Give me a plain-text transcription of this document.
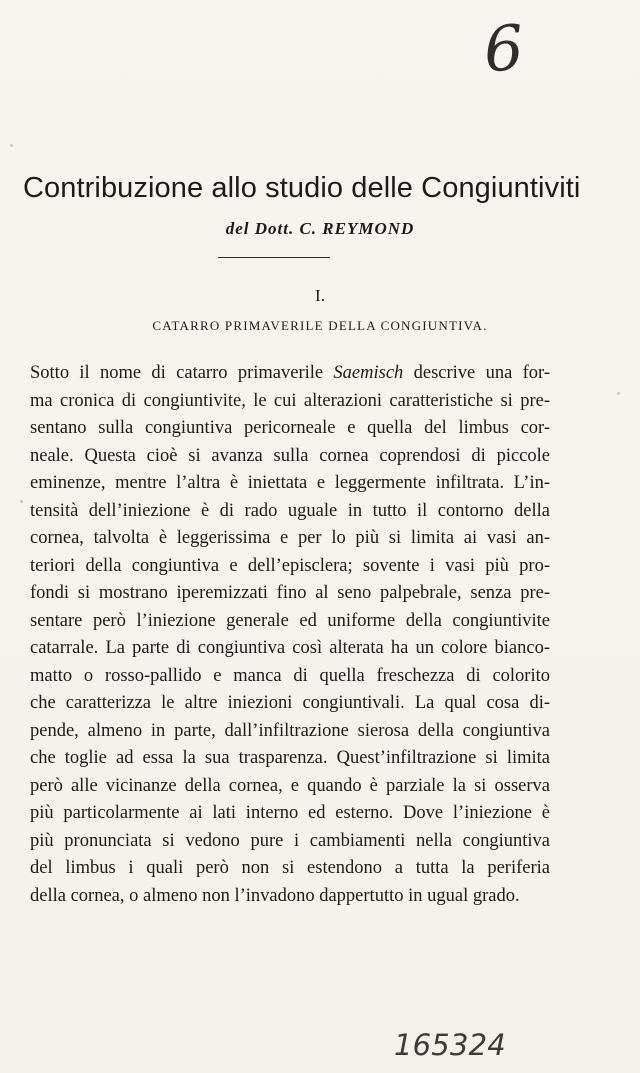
6
Contribuzione allo studio delle Congiuntiviti
del Dott. C. REYMOND
I.
CATARRO PRIMAVERILE DELLA CONGIUNTIVA.
Sotto il nome di catarro primaverile Saemisch descrive una for-
ma cronica di congiuntivite, le cui alterazioni caratteristiche si pre-
sentano sulla congiuntiva pericorneale e quella del limbus cor-
neale. Questa cioè si avanza sulla cornea coprendosi di piccole
eminenze, mentre l’altra è iniettata e leggermente infiltrata. L’in-
tensità dell’iniezione è di rado uguale in tutto il contorno della
cornea, talvolta è leggerissima e per lo più si limita ai vasi an-
teriori della congiuntiva e dell’episclera; sovente i vasi più pro-
fondi si mostrano iperemizzati fino al seno palpebrale, senza pre-
sentare però l’iniezione generale ed uniforme della congiuntivite
catarrale. La parte di congiuntiva così alterata ha un colore bianco-
matto o rosso-pallido e manca di quella freschezza di colorito
che caratterizza le altre iniezioni congiuntivali. La qual cosa di-
pende, almeno in parte, dall’infiltrazione sierosa della congiuntiva
che toglie ad essa la sua trasparenza. Quest’infiltrazione si limita
però alle vicinanze della cornea, e quando è parziale la si osserva
più particolarmente ai lati interno ed esterno. Dove l’iniezione è
più pronunciata si vedono pure i cambiamenti nella congiuntiva
del limbus i quali però non si estendono a tutta la periferia
della cornea, o almeno non l’invadono dappertutto in ugual grado.
165324
